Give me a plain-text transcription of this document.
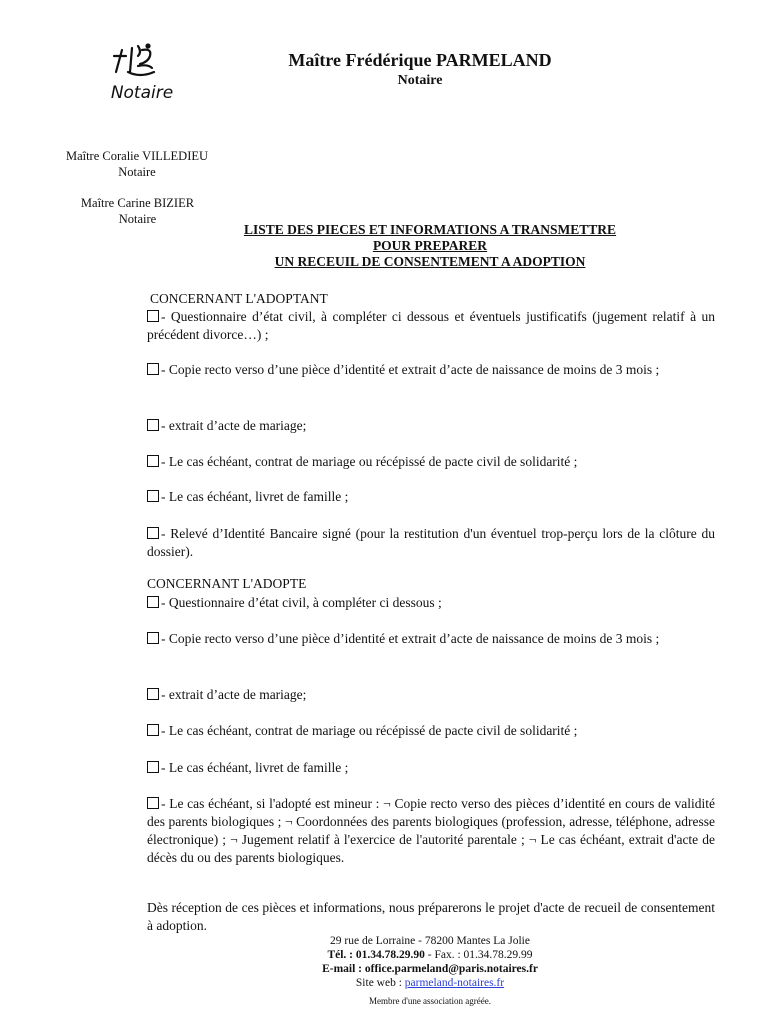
Notaire
Maître Frédérique PARMELAND
Notaire
Maître Coralie VILLEDIEU
Notaire
Maître Carine BIZIER
Notaire
LISTE DES PIECES ET INFORMATIONS A TRANSMETTRE
POUR PREPARER
UN RECEUIL DE CONSENTEMENT A ADOPTION
CONCERNANT L'ADOPTANT
- Questionnaire d’état civil, à compléter ci dessous et éventuels justificatifs (jugement relatif à un précédent divorce…) ;
- Copie recto verso d’une pièce d’identité et extrait d’acte de naissance de moins de 3 mois ;
- extrait d’acte de mariage;
- Le cas échéant, contrat de mariage ou récépissé de pacte civil de solidarité ;
- Le cas échéant, livret de famille ;
- Relevé d’Identité Bancaire signé (pour la restitution d'un éventuel trop-perçu lors de la clôture du dossier).
CONCERNANT L'ADOPTE
- Questionnaire d’état civil, à compléter ci dessous ;
- Copie recto verso d’une pièce d’identité et extrait d’acte de naissance de moins de 3 mois ;
- extrait d’acte de mariage;
- Le cas échéant, contrat de mariage ou récépissé de pacte civil de solidarité ;
- Le cas échéant, livret de famille ;
- Le cas échéant, si l'adopté est mineur : ¬ Copie recto verso des pièces d’identité en cours de validité des parents biologiques ; ¬ Coordonnées des parents biologiques (profession, adresse, téléphone, adresse électronique) ; ¬ Jugement relatif à l'exercice de l'autorité parentale ; ¬ Le cas échéant, extrait d'acte de décès du ou des parents biologiques.
Dès réception de ces pièces et informations, nous préparerons le projet d'acte de recueil de consentement à adoption.
29 rue de Lorraine - 78200 Mantes La Jolie
Tél. : 01.34.78.29.90 - Fax. : 01.34.78.29.99
E-mail : office.parmeland@paris.notaires.fr
Site web : parmeland-notaires.fr
Membre d'une association agréée.
